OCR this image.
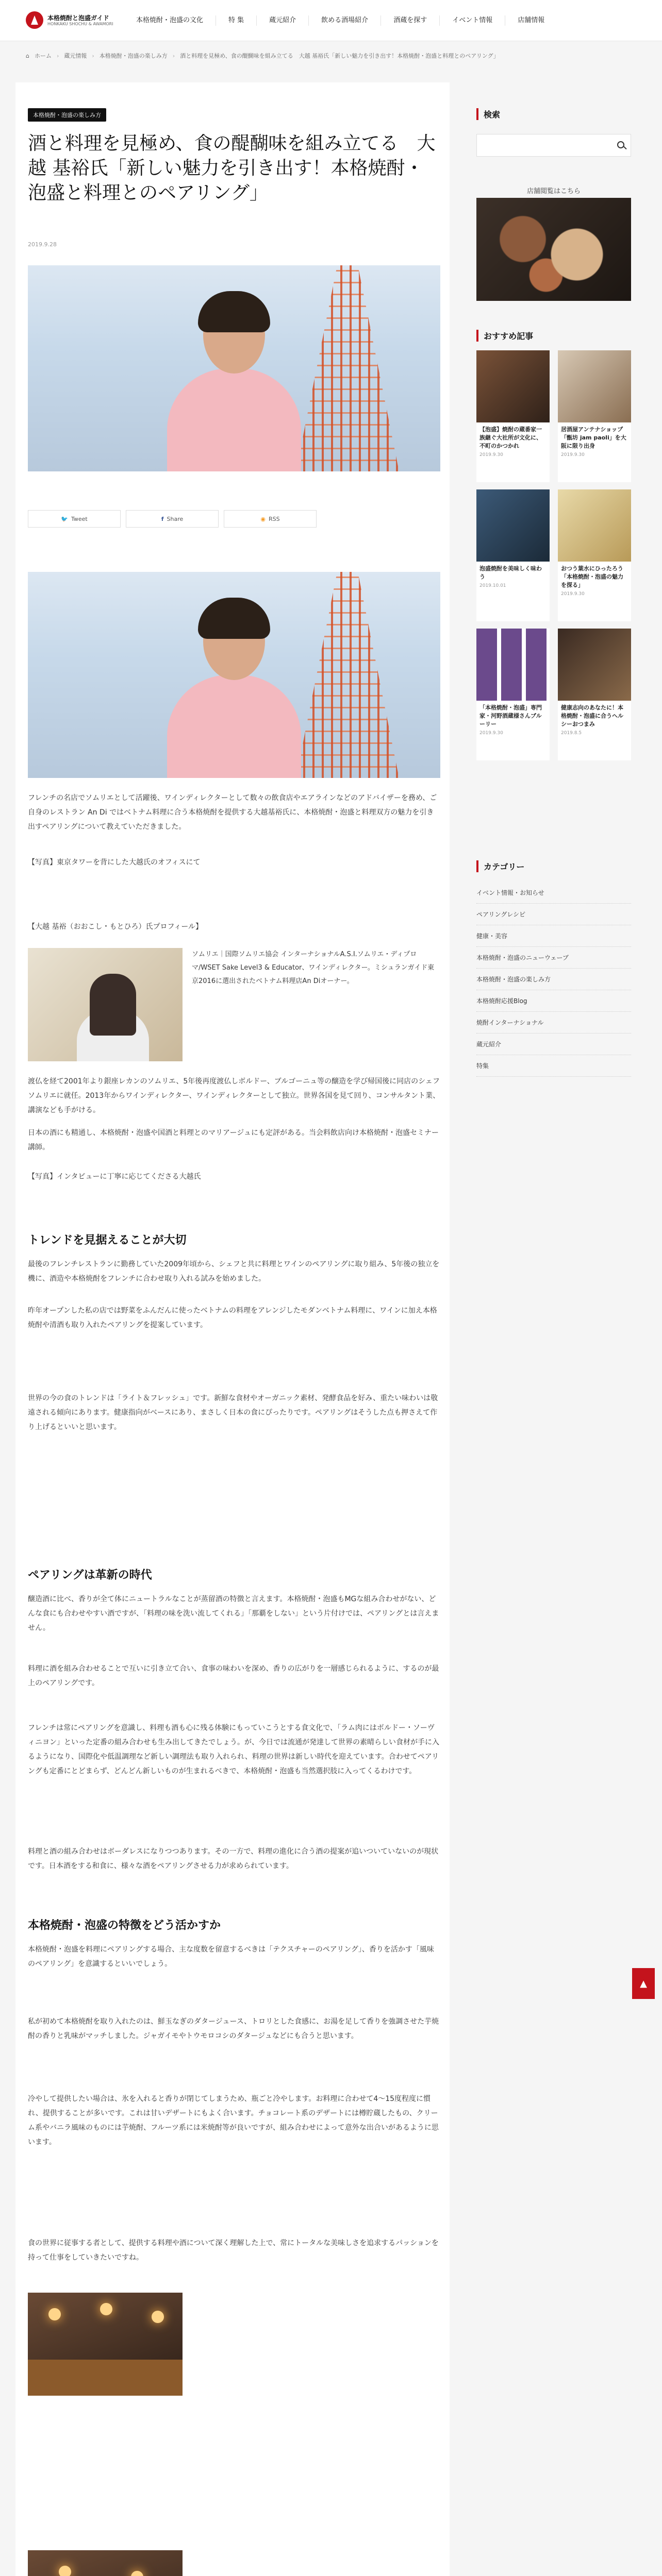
本格焼酎と泡盛ガイド
HONKAKU SHOCHU & AWAMORI	本格焼酎・泡盛の文化	特 集	蔵元紹介	飲める酒場紹介	酒蔵を探す	イベント情報	店舗情報
⌂ ホーム › 蔵元情報 › 本格焼酎・泡盛の楽しみ方 › 酒と料理を見極め、食の醍醐味を組み立てる　大越 基裕氏「新しい魅力を引き出す！本格焼酎・泡盛と料理とのペアリング」
本格焼酎・泡盛の楽しみ方
酒と料理を見極め、食の醍醐味を組み立てる　大越 基裕氏「新しい魅力を引き出す！本格焼酎・泡盛と料理とのペアリング」
2019.9.28
🐦 Tweet	f Share	◉ RSS

フレンチの名店でソムリエとして活躍後、ワインディレクターとして数々の飲食店やエアラインなどのアドバイザーを務め、ご自身のレストラン An Di ではベトナム料理に合う本格焼酎を提供する大越基裕氏に、本格焼酎・泡盛と料理双方の魅力を引き出すペアリングについて教えていただきました。

【写真】東京タワーを背にした大越氏のオフィスにて

【大越 基裕（おおこし・もとひろ）氏プロフィール】

ソムリエ｜国際ソムリエ協会 インターナショナルA.S.I.ソムリエ・ディプロマ/WSET Sake Level3 & Educator、ワインディレクター。ミシュランガイド東京2016に選出されたベトナム料理店An Diオーナー。

渡仏を経て2001年より銀座レカンのソムリエ、5年後再度渡仏しボルドー、ブルゴーニュ等の醸造を学び帰国後に同店のシェフソムリエに就任。2013年からワインディレクター、ワインディレクターとして独立。世界各国を見て回り、コンサルタント業、講演なども手がける。

日本の酒にも精通し、本格焼酎・泡盛や国酒と料理とのマリアージュにも定評がある。当会料飲店向け本格焼酎・泡盛セミナー講師。

【写真】インタビューに丁寧に応じてくださる大越氏

トレンドを見据えることが大切

最後のフレンチレストランに勤務していた2009年頃から、シェフと共に料理とワインのペアリングに取り組み、5年後の独立を機に、酒造や本格焼酎をフレンチに合わせ取り入れる試みを始めました。

昨年オープンした私の店では野菜をふんだんに使ったベトナムの料理をアレンジしたモダンベトナム料理に、ワインに加え本格焼酎や清酒も取り入れたペアリングを提案しています。

世界の今の食のトレンドは「ライト＆フレッシュ」です。新鮮な食材やオーガニック素材、発酵食品を好み、重たい味わいは敬遠される傾向にあります。健康指向がベースにあり、まさしく日本の食にぴったりです。ペアリングはそうした点も押さえて作り上げるといいと思います。

ペアリングは革新の時代

醸造酒に比べ、香りが全て体にニュートラルなことが蒸留酒の特徴と言えます。本格焼酎・泡盛もMGな組み合わせがない、どんな食にも合わせやすい酒ですが、「料理の味を洗い流してくれる」「那覇をしない」という片付けでは、ペアリングとは言えません。

料理に酒を組み合わせることで互いに引き立て合い、食事の味わいを深め、香りの広がりを一層感じられるように、するのが最上のペアリングです。

フレンチは常にペアリングを意識し、料理も酒も心に残る体験にもっていこうとする食文化で、「ラム肉にはボルドー・ソーヴィニヨン」といった定番の組み合わせも生み出してきたでしょう。が、今日では流通が発達して世界の素晴らしい食材が手に入るようになり、国際化や低温調理など新しい調理法も取り入れられ、料理の世界は新しい時代を迎えています。合わせてペアリングも定番にとどまらず、どんどん新しいものが生まれるべきで、本格焼酎・泡盛も当然選択肢に入ってくるわけです。

料理と酒の組み合わせはボーダレスになりつつあります。その一方で、料理の進化に合う酒の提案が追いついていないのが現状です。日本酒をする和食に、様々な酒をペアリングさせる力が求められています。

本格焼酎・泡盛の特徴をどう活かすか

本格焼酎・泡盛を料理にペアリングする場合、主な度数を留意するべきは「テクスチャーのペアリング」、香りを活かす「風味のペアリング」を意識するといいでしょう。

私が初めて本格焼酎を取り入れたのは、鮮玉なぎのダタージュース、トロリとした食感に、お湯を足して香りを強調させた芋焼酎の香りと乳味がマッチしました。ジャガイモやトウモロコシのダタージュなどにも合うと思います。

冷やして提供したい場合は、氷を入れると香りが閉じてしまうため、瓶ごと冷やします。お料理に合わせて4〜15度程度に慣れ、提供することが多いです。これは甘いデザートにもよく合います。チョコレート系のデザートには樽貯蔵したもの、クリーム系やバニラ風味のものには芋焼酎、フルーツ系には米焼酎等が良いですが、組み合わせによって意外な出合いがあるように思います。

食の世界に従事する者として、提供する料理や酒について深く理解した上で、常にトータルな美味しさを追求するパッションを持って仕事をしていきたいですね。

検索
店舗閲覧はこちら
おすすめ記事
【泡盛】焼酎の蔵番家一族継ぐ大社所が文化に、不町のかつかれ
2019.9.30
居酒屋アンテナショップ「甑坊 jam paoli」を大阪に限り出身
2019.9.30
泡盛焼酎を美味しく味わう
2019.10.01
おつう葉水にひったろう「本格焼酎・泡盛の魅力を探る」
2019.9.30
「本格焼酎・泡盛」専門家・河野酒蔵様さんブルーリー
2019.9.30
健康志向のあなたに！本格焼酎・泡盛に合うヘルシーおつまみ
2019.8.5
カテゴリー
イベント情報・お知らせ
ペアリングレシピ
健康・美容
本格焼酎・泡盛のニューウェーブ
本格焼酎・泡盛の楽しみ方
本格焼酎応援Blog
焼酎インターナショナル
蔵元紹介
特集
▲
